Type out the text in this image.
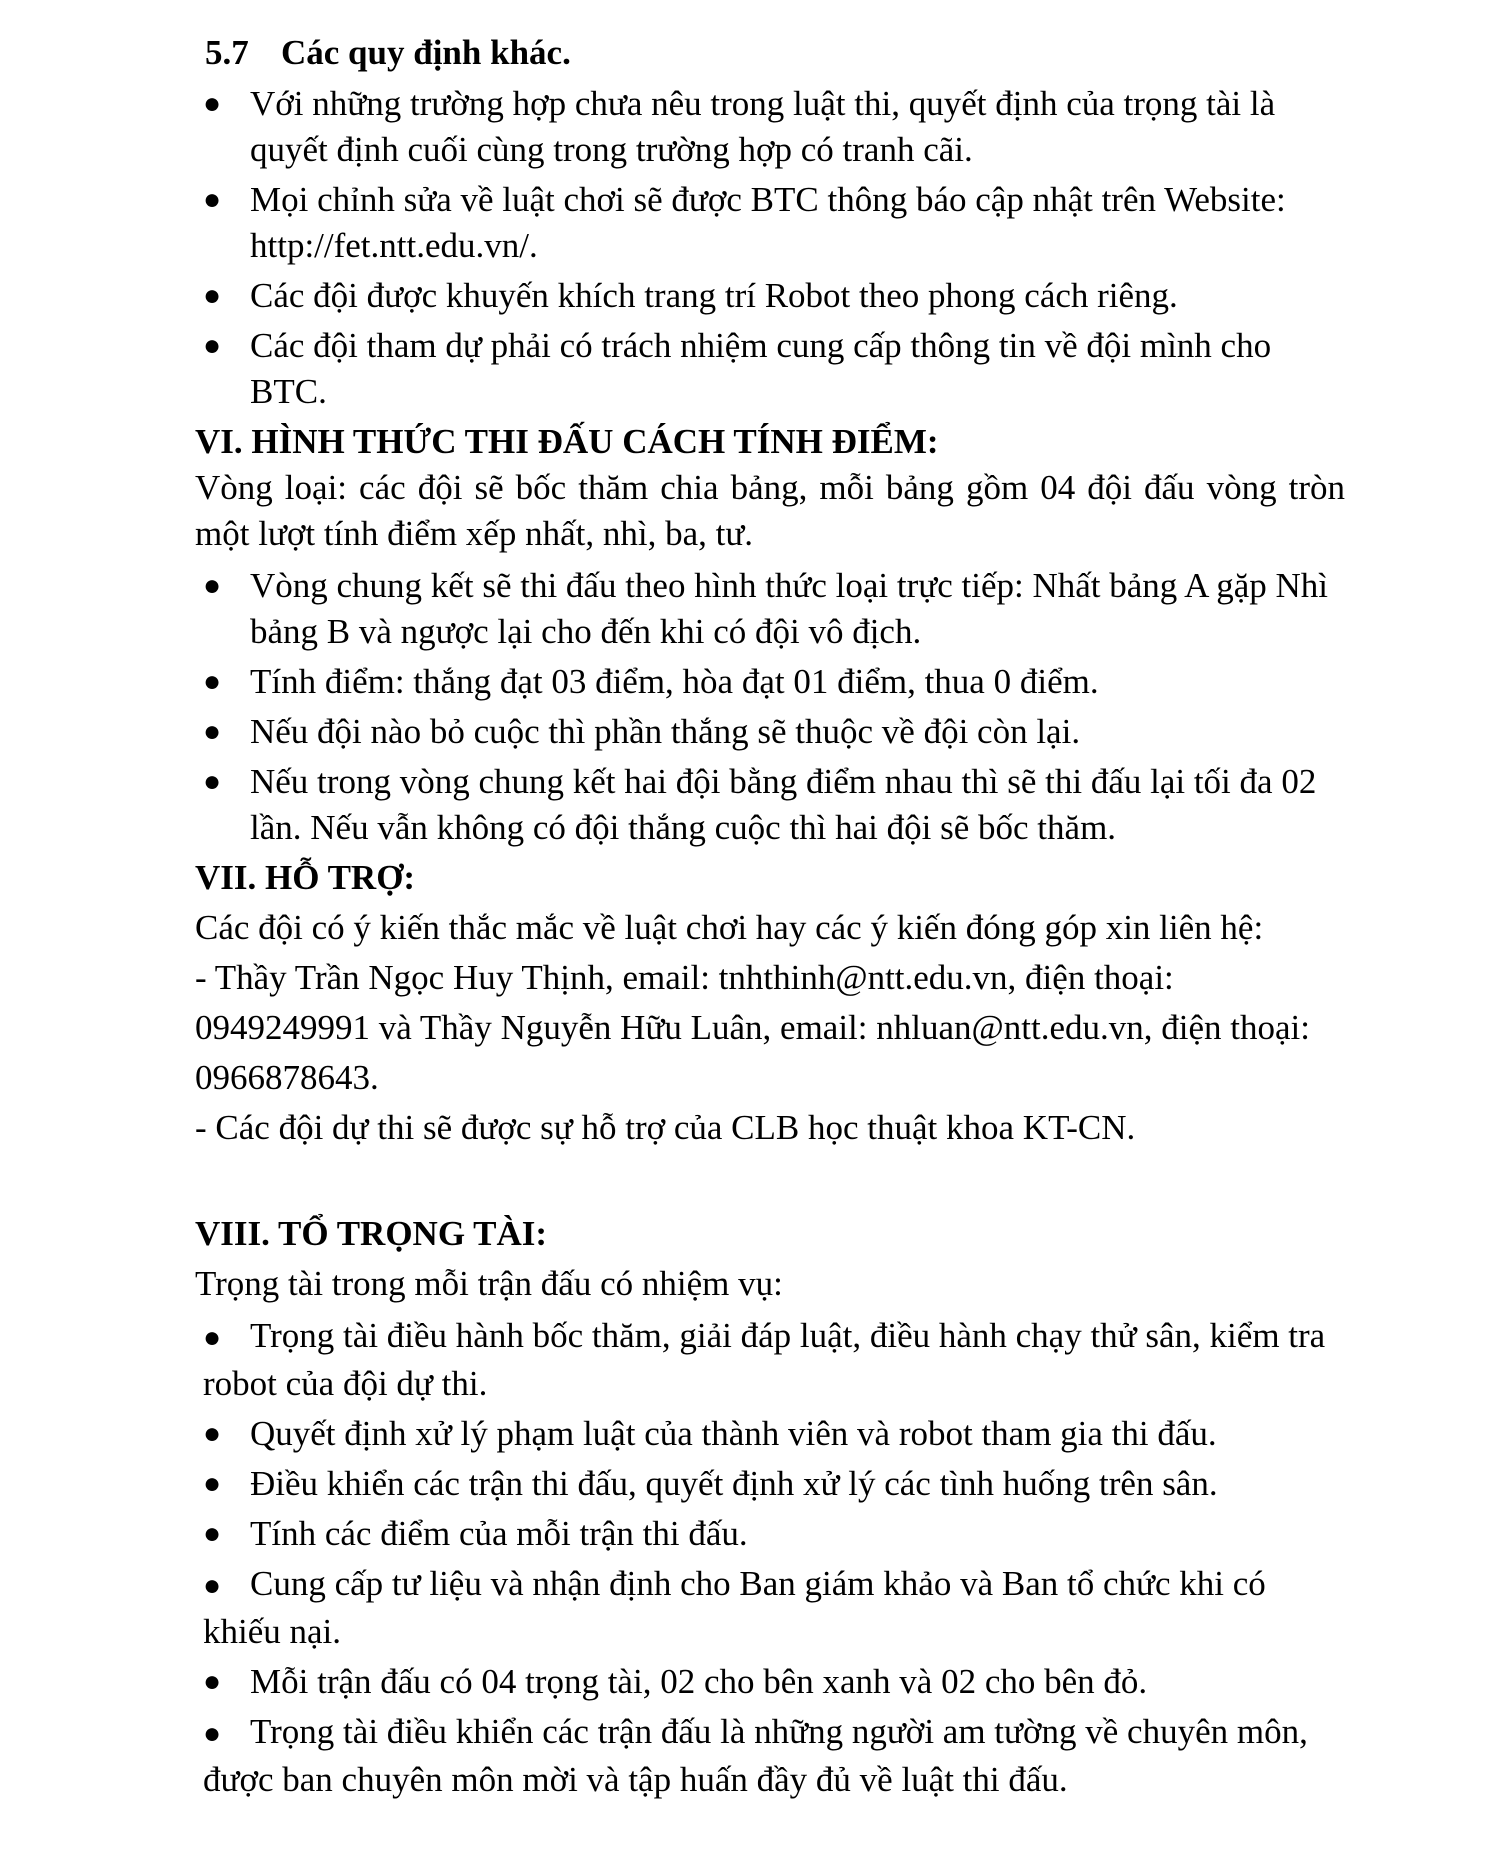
5.7 Các quy định khác.
● Với những trường hợp chưa nêu trong luật thi, quyết định của trọng tài là quyết định cuối cùng trong trường hợp có tranh cãi.
● Mọi chỉnh sửa về luật chơi sẽ được BTC thông báo cập nhật trên Website: http://fet.ntt.edu.vn/.
● Các đội được khuyến khích trang trí Robot theo phong cách riêng.
● Các đội tham dự phải có trách nhiệm cung cấp thông tin về đội mình cho BTC.
VI. HÌNH THỨC THI ĐẤU CÁCH TÍNH ĐIỂM:

Vòng loại: các đội sẽ bốc thăm chia bảng, mỗi bảng gồm 04 đội đấu vòng tròn một lượt tính điểm xếp nhất, nhì, ba, tư.

● Vòng chung kết sẽ thi đấu theo hình thức loại trực tiếp: Nhất bảng A gặp Nhì bảng B và ngược lại cho đến khi có đội vô địch.
● Tính điểm: thắng đạt 03 điểm, hòa đạt 01 điểm, thua 0 điểm.
● Nếu đội nào bỏ cuộc thì phần thắng sẽ thuộc về đội còn lại.
● Nếu trong vòng chung kết hai đội bằng điểm nhau thì sẽ thi đấu lại tối đa 02 lần. Nếu vẫn không có đội thắng cuộc thì hai đội sẽ bốc thăm.
VII. HỖ TRỢ:

Các đội có ý kiến thắc mắc về luật chơi hay các ý kiến đóng góp xin liên hệ:

- Thầy Trần Ngọc Huy Thịnh, email: tnhthinh@ntt.edu.vn, điện thoại:

0949249991 và Thầy Nguyễn Hữu Luân, email: nhluan@ntt.edu.vn, điện thoại:

0966878643.

- Các đội dự thi sẽ được sự hỗ trợ của CLB học thuật khoa KT-CN.

VIII. TỔ TRỌNG TÀI:

Trọng tài trong mỗi trận đấu có nhiệm vụ:

● Trọng tài điều hành bốc thăm, giải đáp luật, điều hành chạy thử sân, kiểm tra robot của đội dự thi.
● Quyết định xử lý phạm luật của thành viên và robot tham gia thi đấu.
● Điều khiển các trận thi đấu, quyết định xử lý các tình huống trên sân.
● Tính các điểm của mỗi trận thi đấu.
● Cung cấp tư liệu và nhận định cho Ban giám khảo và Ban tổ chức khi có khiếu nại.
● Mỗi trận đấu có 04 trọng tài, 02 cho bên xanh và 02 cho bên đỏ.
● Trọng tài điều khiển các trận đấu là những người am tường về chuyên môn, được ban chuyên môn mời và tập huấn đầy đủ về luật thi đấu.
